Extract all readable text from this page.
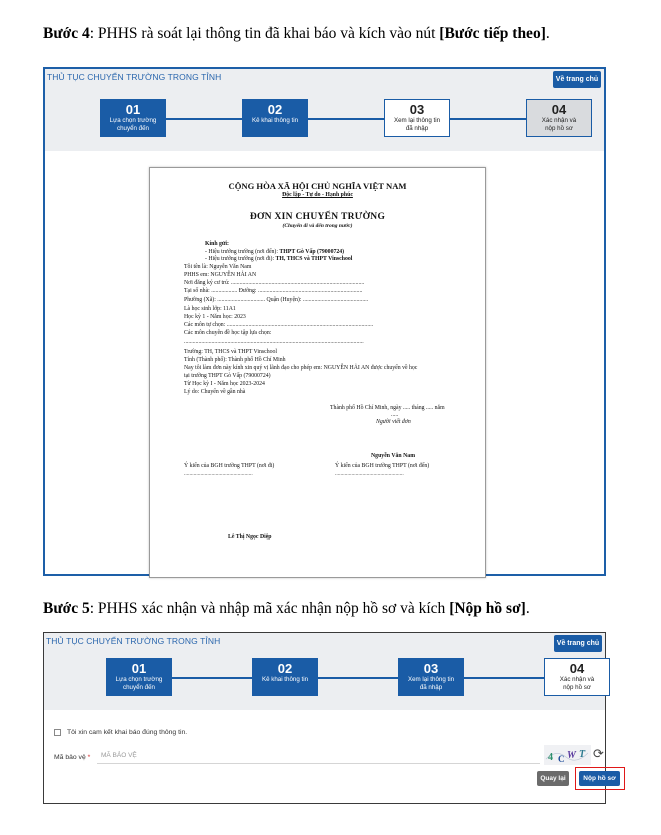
Bước 4: PHHS rà soát lại thông tin đã khai báo và kích vào nút [Bước tiếp theo].
THỦ TỤC CHUYỂN TRƯỜNG TRONG TỈNH	Về trang chủ
01
Lựa chọn trường
chuyển đến
02
Kê khai thông tin
03
Xem lại thông tin
đã nhập
04
Xác nhận và
nộp hồ sơ
CỘNG HÒA XÃ HỘI CHỦ NGHĨA VIỆT NAM
Độc lập - Tự do - Hạnh phúc
ĐƠN XIN CHUYỂN TRƯỜNG
(Chuyển đi và đến trong nước)
Kính gửi:
- Hiệu trưởng trường (nơi đến): THPT Gò Vấp (79000724)
- Hiệu trưởng trường (nơi đi): TH, THCS và THPT Vinschool
Tôi tên là: Nguyễn Văn Nam
PHHS em: NGUYỄN HẢI AN
Nơi đăng ký cư trú: ............................................................................................
Tại số nhà: .................. Đường: ........................................................................
Phường (Xã): ................................. Quận (Huyện): .............................................
Là học sinh lớp: 11A1
Học kỳ 1 - Năm học: 2023
Các môn tự chọn: .....................................................................................................
Các môn chuyên đề học tập lựa chọn:
............................................................................................................................
Trường: TH, THCS và THPT Vinschool
Tỉnh (Thành phố): Thành phố Hồ Chí Minh
Nay tôi làm đơn này kính xin quý vị lãnh đạo cho phép em: NGUYỄN HẢI AN được chuyển về học
tại trường THPT Gò Vấp (79000724)
Từ Học kỳ I - Năm học 2023-2024
Lý do: Chuyển về gần nhà
Thành phố Hồ Chí Minh, ngày ..... tháng ..... năm
.....
Người viết đơn
Nguyễn Văn Nam
Ý kiến của BGH trường THPT (nơi đi)	Ý kiến của BGH trường THPT (nơi đến)
..................................................	..................................................
Lê Thị Ngọc Diệp
Bước 5: PHHS xác nhận và nhập mã xác nhận nộp hồ sơ và kích [Nộp hồ sơ].
THỦ TỤC CHUYỂN TRƯỜNG TRONG TỈNH	Về trang chủ
01
Lựa chọn trường
chuyển đến
02
Kê khai thông tin
03
Xem lại thông tin
đã nhập
04
Xác nhận và
nộp hồ sơ
Tôi xin cam kết khai báo đúng thông tin.
Mã bảo vệ *	MÃ BẢO VỆ	4 C W T ⟳
Quay lại	Nộp hồ sơ
